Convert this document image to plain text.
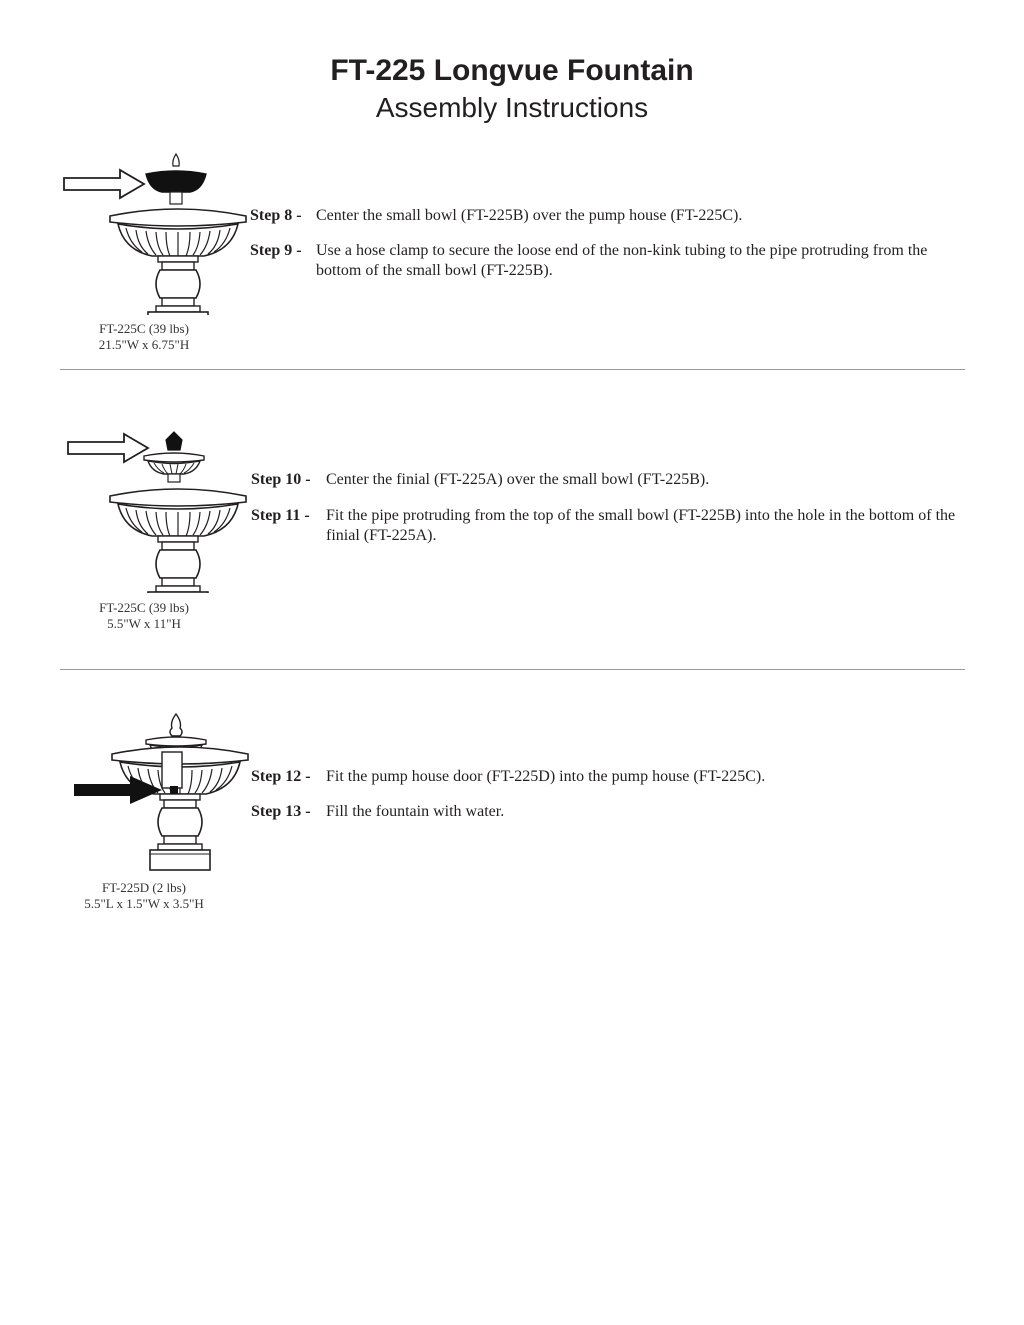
FT-225 Longvue Fountain
Assembly Instructions
FT-225C (39 lbs)
21.5"W x 6.75"H
Step 8 - Center the small bowl (FT-225B) over the pump house (FT-225C).
Step 9 - Use a hose clamp to secure the loose end of the non-kink tubing to the pipe protruding from the bottom of the small bowl (FT-225B).
FT-225C (39 lbs)
5.5"W x 11"H
Step 10 - Center the finial (FT-225A) over the small bowl (FT-225B).
Step 11 - Fit the pipe protruding from the top of the small bowl (FT-225B) into the hole in the bottom of the finial (FT-225A).
FT-225D (2 lbs)
5.5"L x 1.5"W x 3.5"H
Step 12 - Fit the pump house door (FT-225D) into the pump house (FT-225C).
Step 13 - Fill the fountain with water.
